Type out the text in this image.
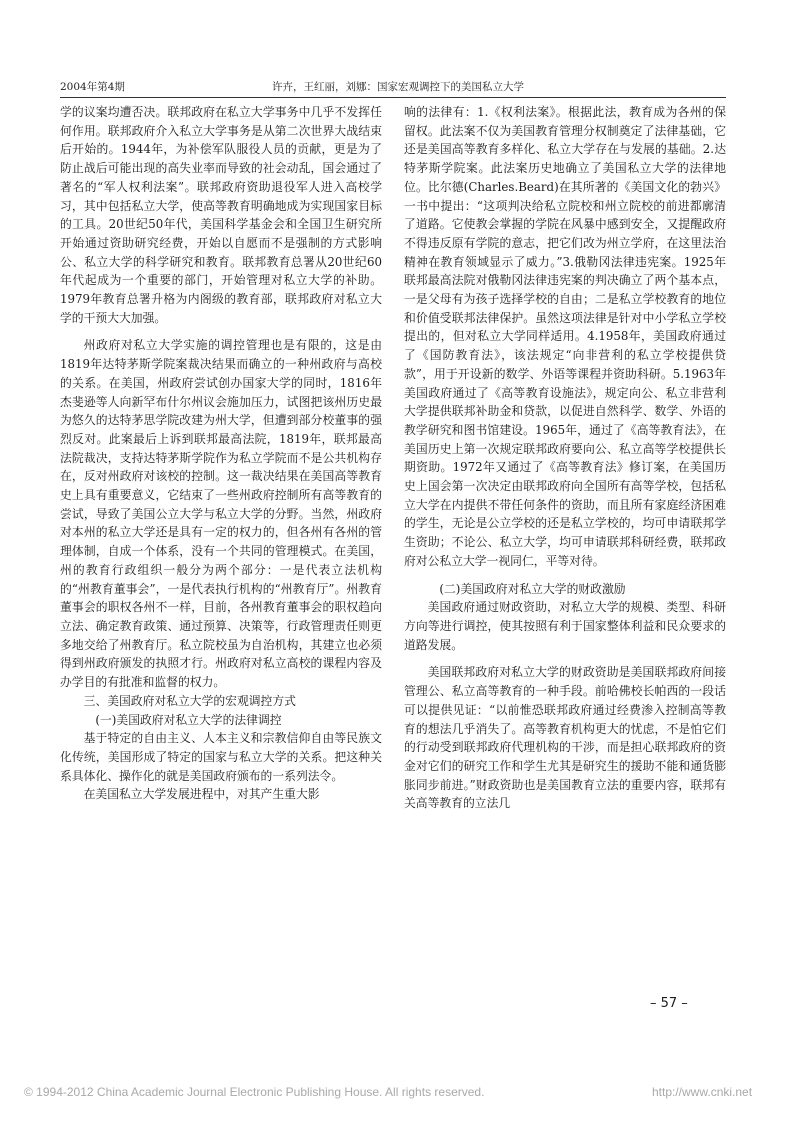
2004年第4期	许卉，王红丽，刘娜：国家宏观调控下的美国私立大学

学的议案均遭否决。联邦政府在私立大学事务中几乎不发挥任何作用。联邦政府介入私立大学事务是从第二次世界大战结束后开始的。1944年，为补偿军队服役人员的贡献，更是为了防止战后可能出现的高失业率而导致的社会动乱，国会通过了著名的“军人权利法案”。联邦政府资助退役军人进入高校学习，其中包括私立大学，使高等教育明确地成为实现国家目标的工具。20世纪50年代，美国科学基金会和全国卫生研究所开始通过资助研究经费，开始以自愿而不是强制的方式影响公、私立大学的科学研究和教育。联邦教育总署从20世纪60年代起成为一个重要的部门，开始管理对私立大学的补助。1979年教育总署升格为内阁级的教育部，联邦政府对私立大学的干预大大加强。

州政府对私立大学实施的调控管理也是有限的，这是由1819年达特茅斯学院案裁决结果而确立的一种州政府与高校的关系。在美国，州政府尝试创办国家大学的同时，1816年杰斐逊等人向新罕布什尔州议会施加压力，试图把该州历史最为悠久的达特茅思学院改建为州大学，但遭到部分校董事的强烈反对。此案最后上诉到联邦最高法院，1819年，联邦最高法院裁决，支持达特茅斯学院作为私立学院而不是公共机构存在，反对州政府对该校的控制。这一裁决结果在美国高等教育史上具有重要意义，它结束了一些州政府控制所有高等教育的尝试，导致了美国公立大学与私立大学的分野。当然，州政府对本州的私立大学还是具有一定的权力的，但各州有各州的管理体制，自成一个体系，没有一个共同的管理模式。在美国，州的教育行政组织一般分为两个部分：一是代表立法机构的“州教育董事会”，一是代表执行机构的“州教育厅”。州教育董事会的职权各州不一样，目前，各州教育董事会的职权趋向立法、确定教育政策、通过预算、决策等，行政管理责任则更多地交给了州教育厅。私立院校虽为自治机构，其建立也必须得到州政府颁发的执照才行。州政府对私立高校的课程内容及办学目的有批准和监督的权力。

三、美国政府对私立大学的宏观调控方式

(一)美国政府对私立大学的法律调控

基于特定的自由主义、人本主义和宗教信仰自由等民族文化传统，美国形成了特定的国家与私立大学的关系。把这种关系具体化、操作化的就是美国政府颁布的一系列法令。

在美国私立大学发展进程中，对其产生重大影

响的法律有：1.《权利法案》。根据此法，教育成为各州的保留权。此法案不仅为美国教育管理分权制奠定了法律基础，它还是美国高等教育多样化、私立大学存在与发展的基础。2.达特茅斯学院案。此法案历史地确立了美国私立大学的法律地位。比尔德(Charles.Beard)在其所著的《美国文化的勃兴》一书中提出：“这项判决给私立院校和州立院校的前进都廓清了道路。它使教会掌握的学院在风暴中感到安全，又提醒政府不得违反原有学院的意志，把它们改为州立学府，在这里法治精神在教育领域显示了威力。”3.俄勒冈法律违宪案。1925年联邦最高法院对俄勒冈法律违宪案的判决确立了两个基本点，一是父母有为孩子选择学校的自由；二是私立学校教育的地位和价值受联邦法律保护。虽然这项法律是针对中小学私立学校提出的，但对私立大学同样适用。4.1958年，美国政府通过了《国防教育法》，该法规定“向非营利的私立学校提供贷款”，用于开设新的数学、外语等课程并资助科研。5.1963年美国政府通过了《高等教育设施法》，规定向公、私立非营利大学提供联邦补助金和贷款，以促进自然科学、数学、外语的教学研究和图书馆建设。1965年，通过了《高等教育法》，在美国历史上第一次规定联邦政府要向公、私立高等学校提供长期资助。1972年又通过了《高等教育法》修订案，在美国历史上国会第一次决定由联邦政府向全国所有高等学校，包括私立大学在内提供不带任何条件的资助，而且所有家庭经济困难的学生，无论是公立学校的还是私立学校的，均可申请联邦学生资助；不论公、私立大学，均可申请联邦科研经费，联邦政府对公私立大学一视同仁，平等对待。

(二)美国政府对私立大学的财政激励

美国政府通过财政资助，对私立大学的规模、类型、科研方向等进行调控，使其按照有利于国家整体利益和民众要求的道路发展。

美国联邦政府对私立大学的财政资助是美国联邦政府间接管理公、私立高等教育的一种手段。前哈佛校长帕西的一段话可以提供见证：“以前惟恐联邦政府通过经费渗入控制高等教育的想法几乎消失了。高等教育机构更大的忧虑，不是怕它们的行动受到联邦政府代理机构的干涉，而是担心联邦政府的资金对它们的研究工作和学生尤其是研究生的援助不能和通货膨胀同步前进。”财政资助也是美国教育立法的重要内容，联邦有关高等教育的立法几

– 57 –
© 1994-2012 China Academic Journal Electronic Publishing House. All rights reserved.	http://www.cnki.net
